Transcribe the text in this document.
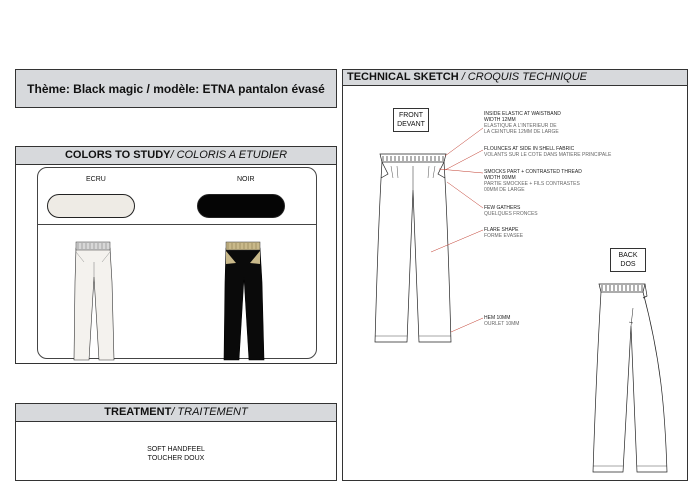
Thème: Black magic / modèle: ETNA pantalon évasé
COLORS TO STUDY/ COLORIS A ETUDIER
ECRU	NOIR
TREATMENT/ TRAITEMENT
SOFT HANDFEEL
TOUCHER DOUX
TECHNICAL SKETCH / CROQUIS TECHNIQUE
FRONT
DEVANT
BACK
DOS
INSIDE ELASTIC AT WAISTBAND
WIDTH 12MM
ELASTIQUE A L'INTERIEUR DE
LA CEINTURE 12MM DE LARGE
FLOUNCES AT SIDE IN SHELL FABRIC
VOLANTS SUR LE COTE DANS MATIERE PRINCIPALE
SMOCKS PART + CONTRASTED THREAD
WIDTH 00MM
PARTIE SMOCKEE + FILS CONTRASTES
00MM DE LARGE
FEW GATHERS
QUELQUES FRONCES
FLARE SHAPE
FORME EVASEE
HEM 10MM
OURLET 10MM
